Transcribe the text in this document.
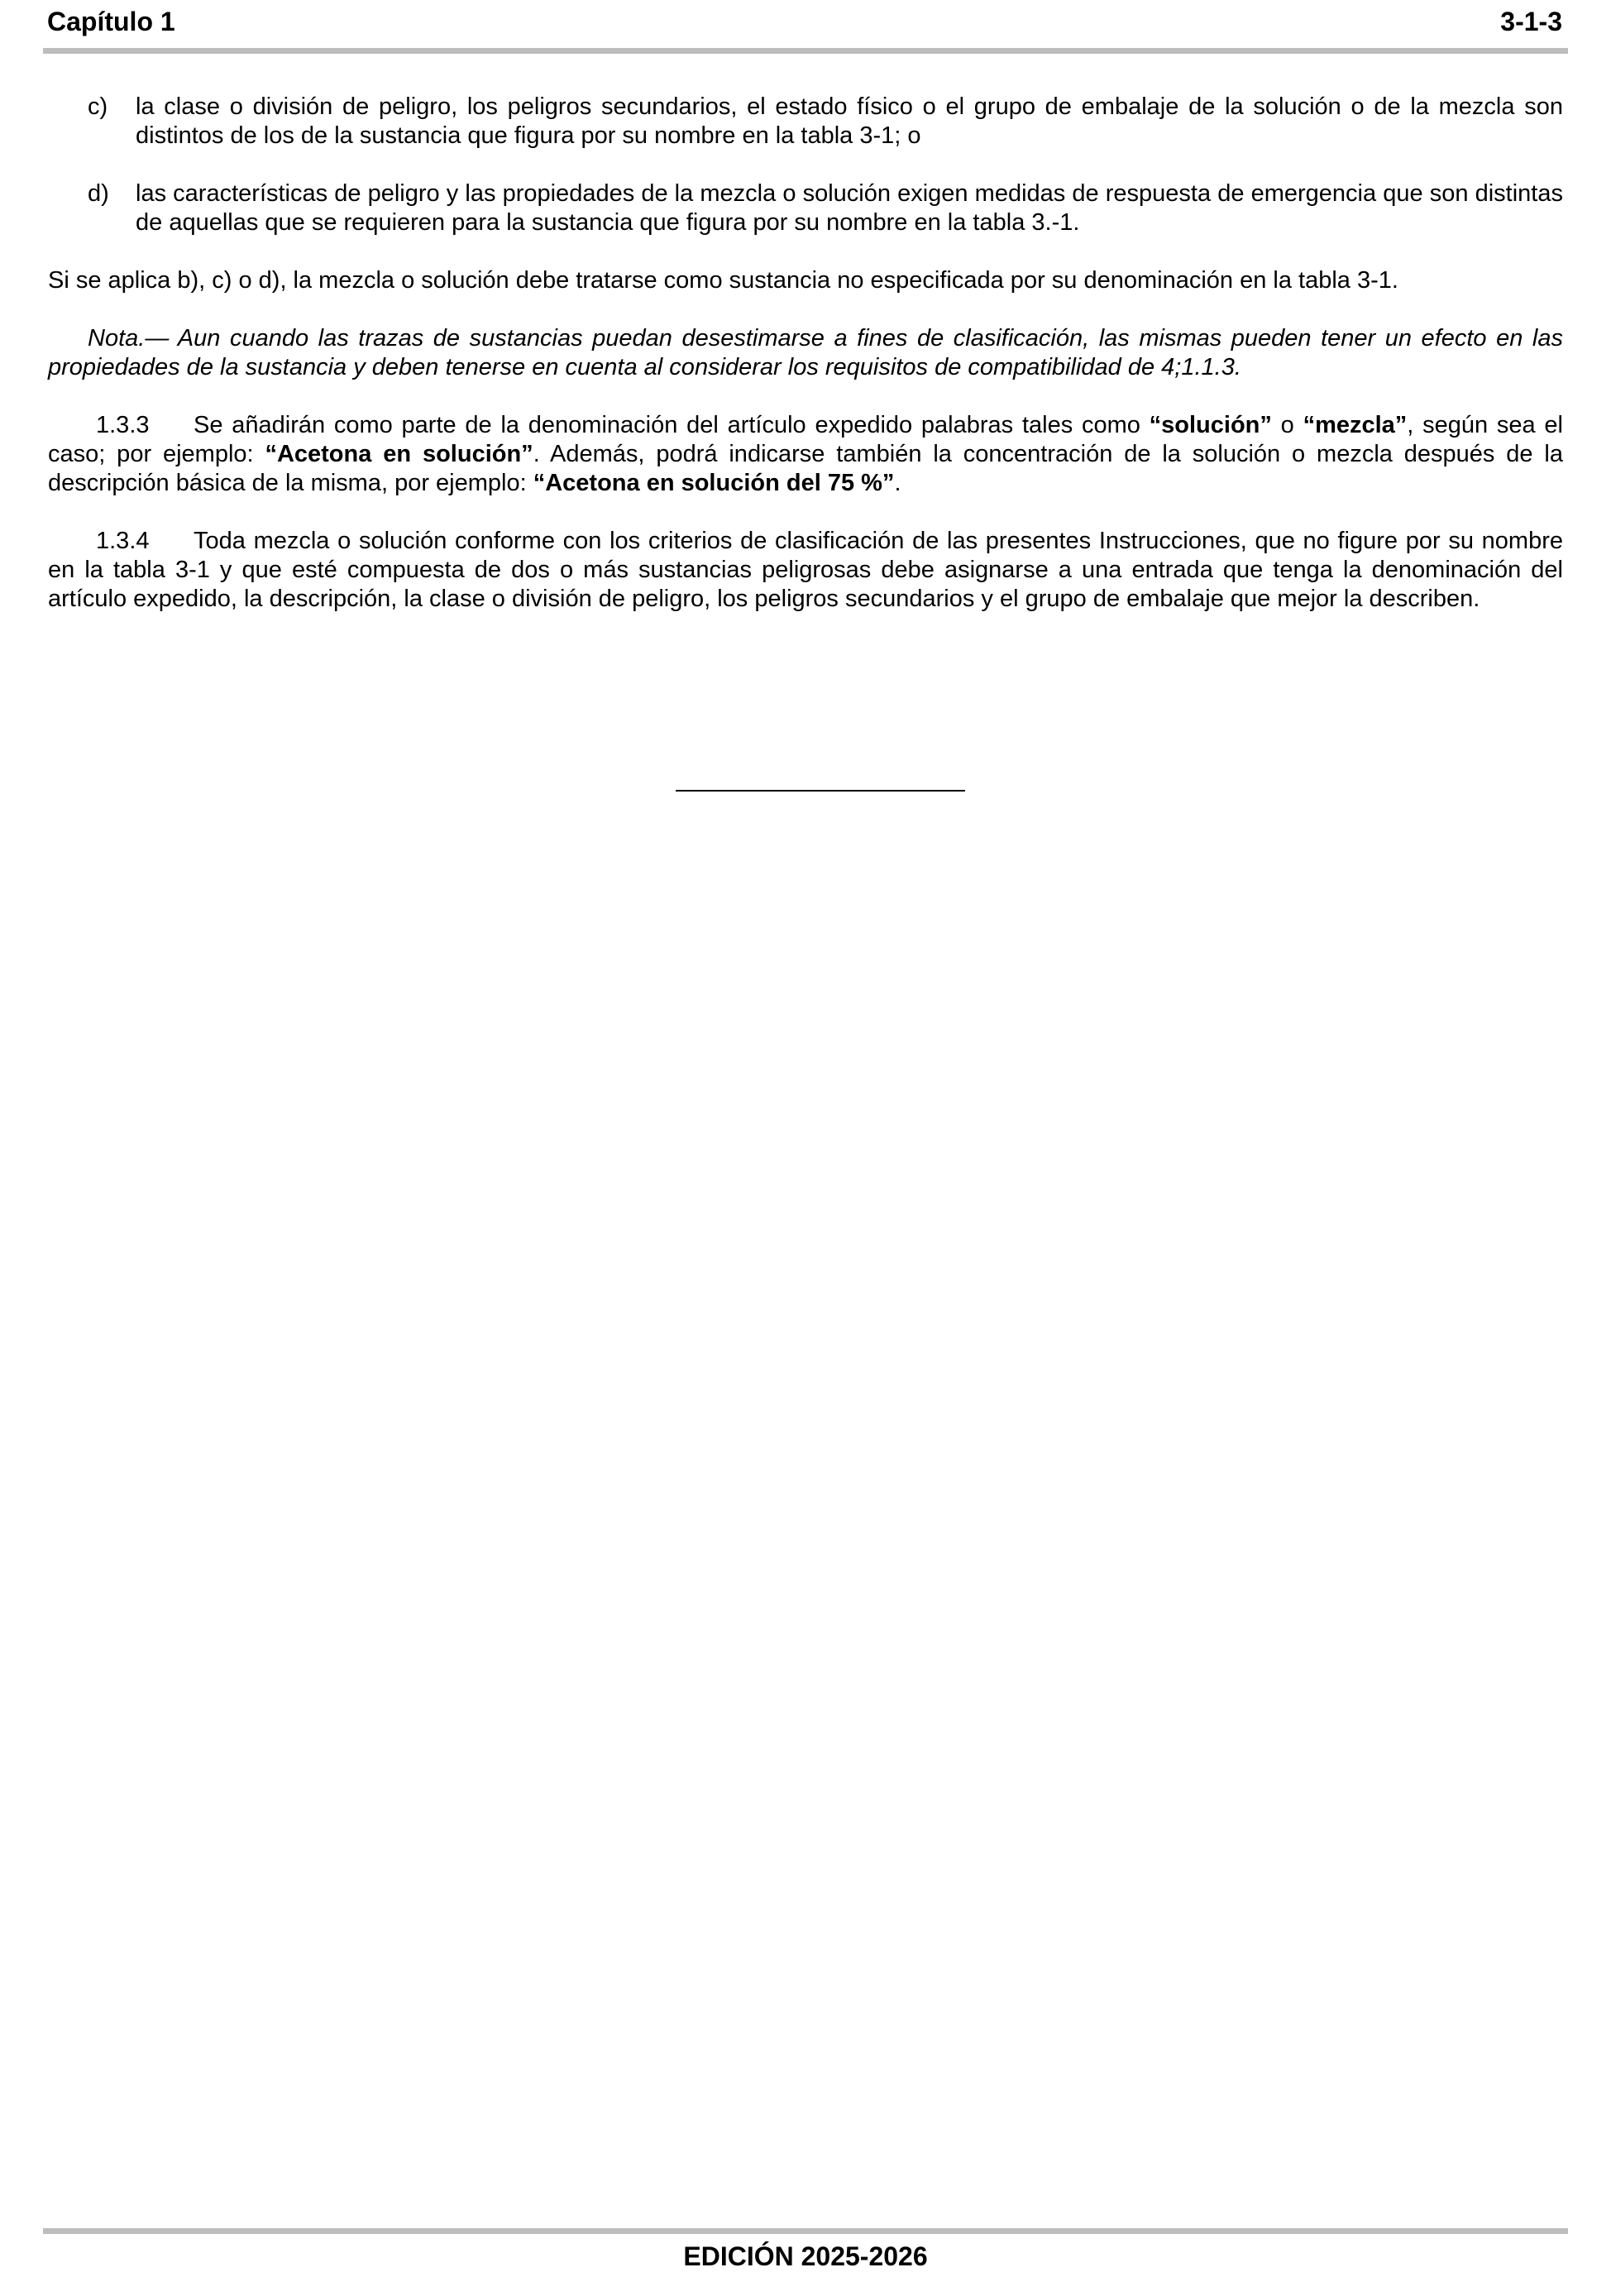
Capítulo 1	3-1-3
c)	la clase o división de peligro, los peligros secundarios, el estado físico o el grupo de embalaje de la solución o de la mezcla son distintos de los de la sustancia que figura por su nombre en la tabla 3-1; o
d)	las características de peligro y las propiedades de la mezcla o solución exigen medidas de respuesta de emergencia que son distintas de aquellas que se requieren para la sustancia que figura por su nombre en la tabla 3.-1.

Si se aplica b), c) o d), la mezcla o solución debe tratarse como sustancia no especificada por su denominación en la tabla 3-1.

Nota.— Aun cuando las trazas de sustancias puedan desestimarse a fines de clasificación, las mismas pueden tener un efecto en las propiedades de la sustancia y deben tenerse en cuenta al considerar los requisitos de compatibilidad de 4;1.1.3.

1.3.3 Se añadirán como parte de la denominación del artículo expedido palabras tales como “solución” o “mezcla”, según sea el caso; por ejemplo: “Acetona en solución”. Además, podrá indicarse también la concentración de la solución o mezcla después de la descripción básica de la misma, por ejemplo: “Acetona en solución del 75 %”.

1.3.4 Toda mezcla o solución conforme con los criterios de clasificación de las presentes Instrucciones, que no figure por su nombre en la tabla 3-1 y que esté compuesta de dos o más sustancias peligrosas debe asignarse a una entrada que tenga la denominación del artículo expedido, la descripción, la clase o división de peligro, los peligros secundarios y el grupo de embalaje que mejor la describen.

EDICIÓN 2025-2026
